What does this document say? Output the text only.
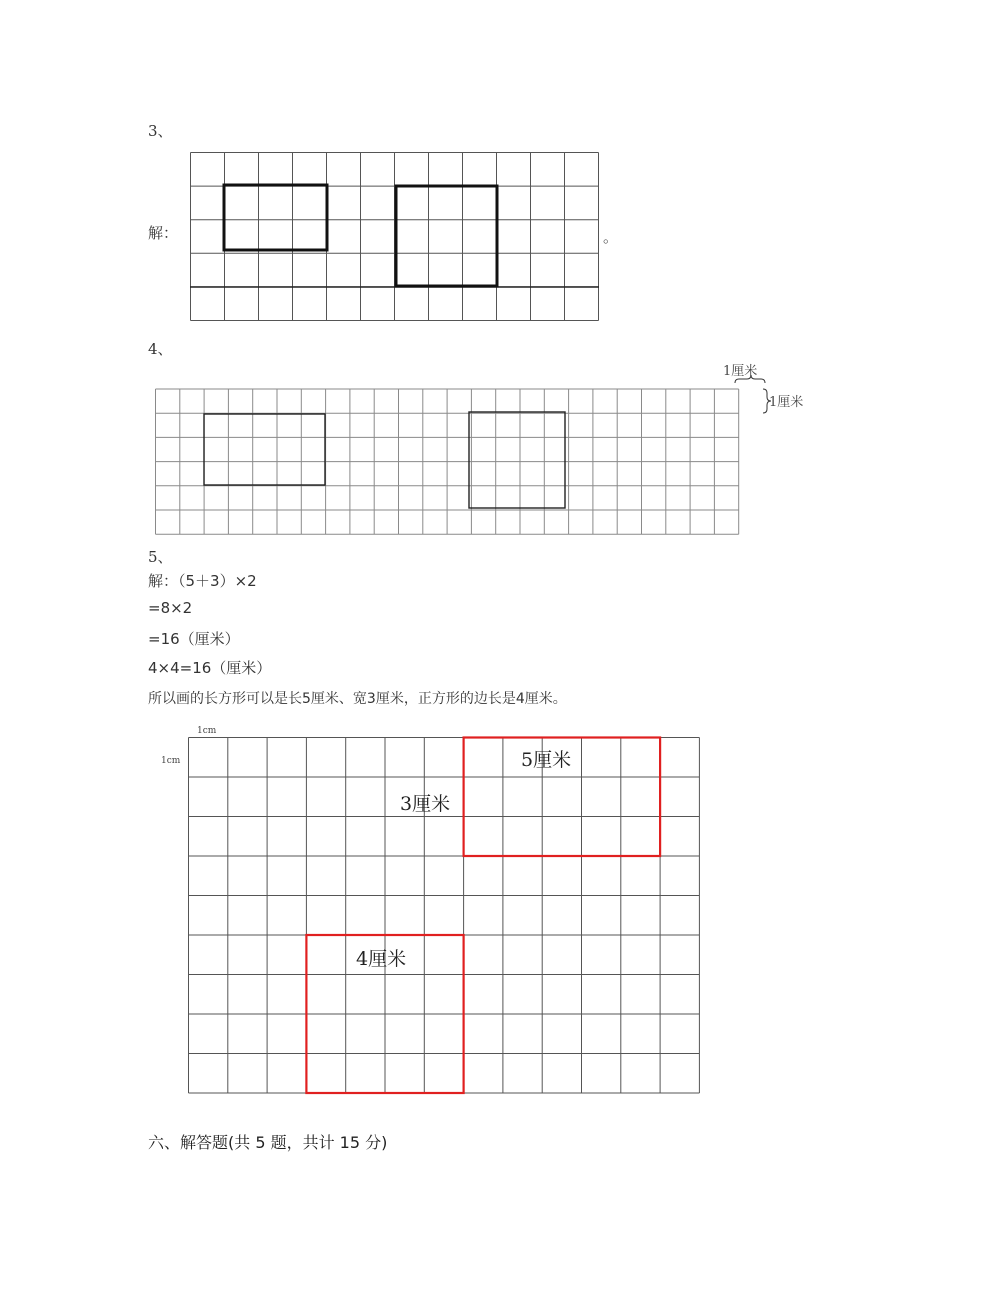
3、
解：	。
4、
1厘米
1厘米
5、
解：（5＋3）×2
=8×2
=16（厘米）
4×4=16（厘米）
所以画的长方形可以是长5厘米、宽3厘米，正方形的边长是4厘米。
1cm
1cm	5厘米
3厘米
4厘米
六、解答题(共 5 题，共计 15 分)
